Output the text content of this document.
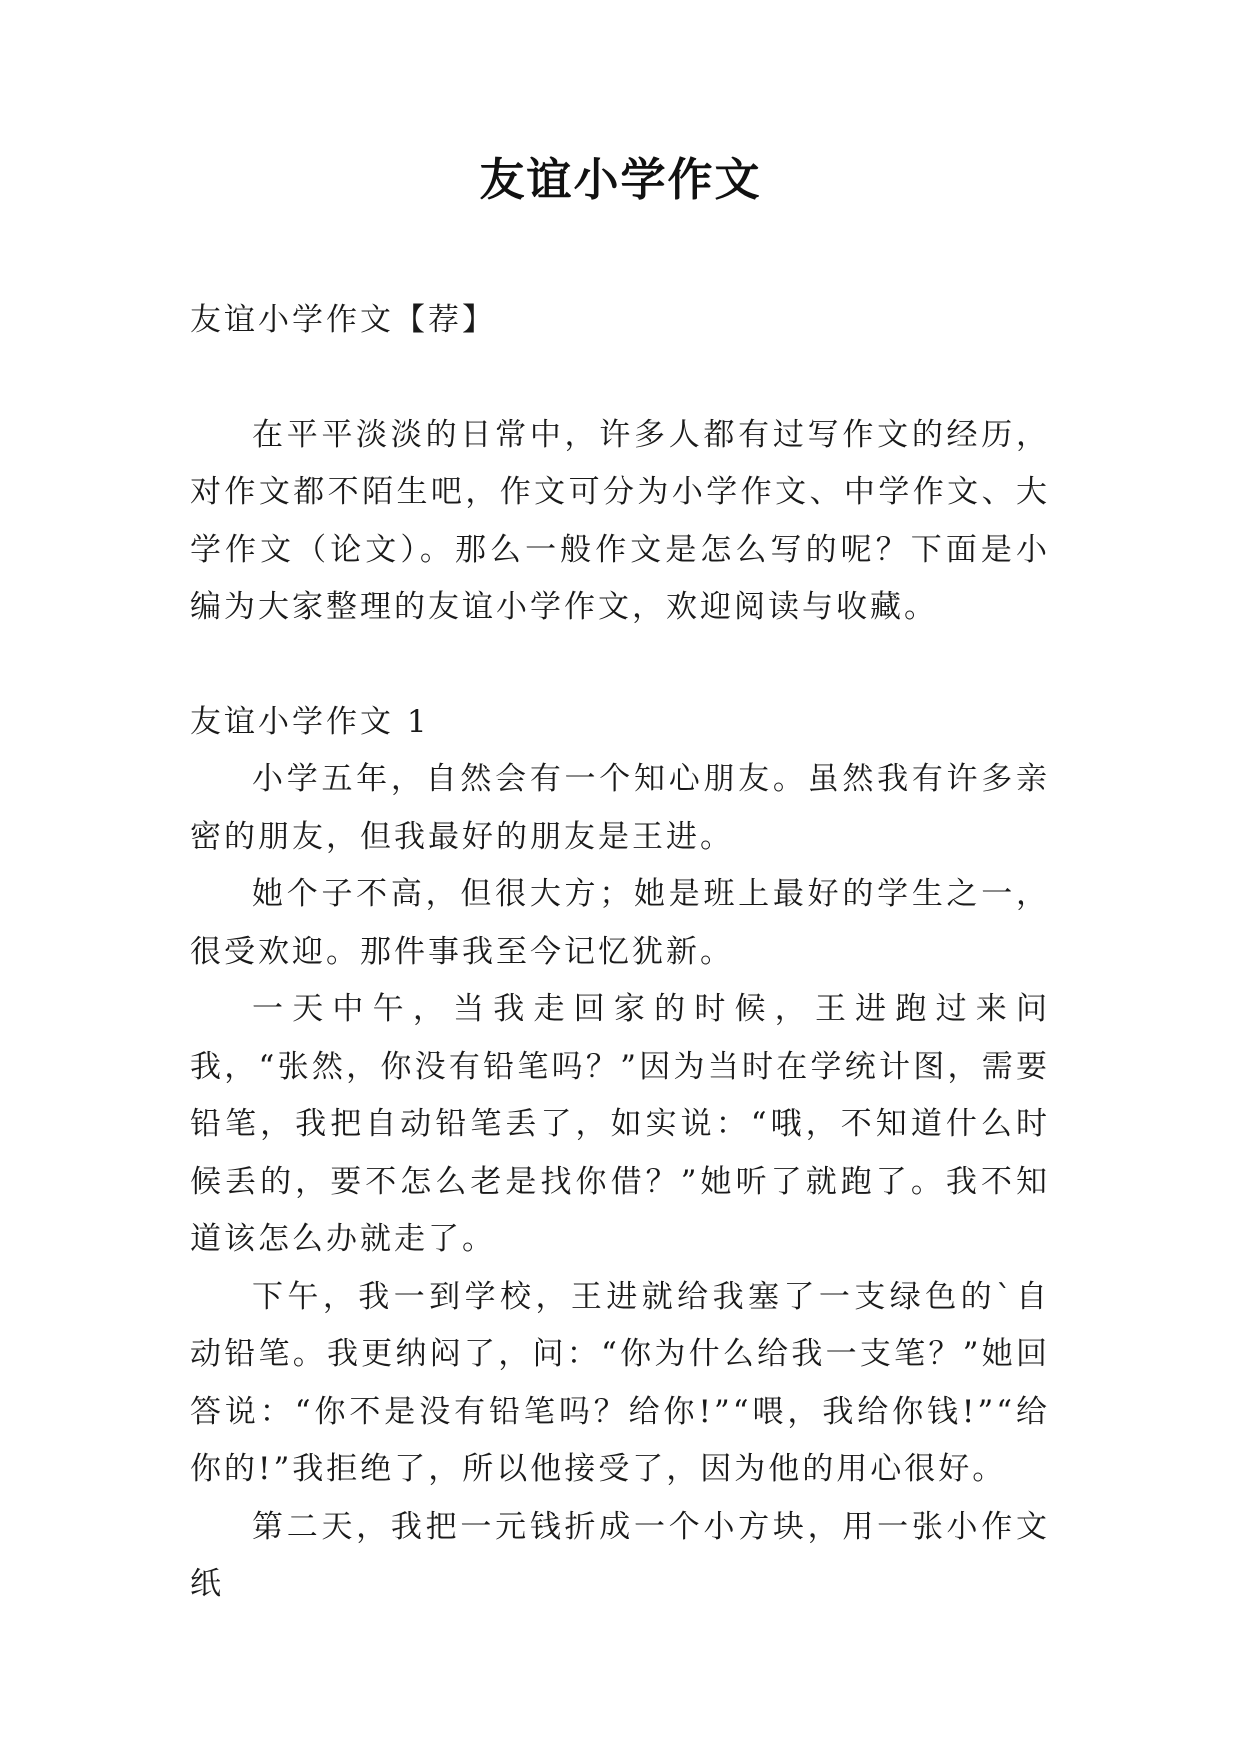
友谊小学作文

友谊小学作文【荐】

在平平淡淡的日常中，许多人都有过写作文的经历，对作文都不陌生吧，作文可分为小学作文、中学作文、大学作文（论文）。那么一般作文是怎么写的呢？下面是小编为大家整理的友谊小学作文，欢迎阅读与收藏。

友谊小学作文 1

小学五年，自然会有一个知心朋友。虽然我有许多亲密的朋友，但我最好的朋友是王进。

她个子不高，但很大方；她是班上最好的学生之一，很受欢迎。那件事我至今记忆犹新。

一天中午，当我走回家的时候，王进跑过来问我，“张然，你没有铅笔吗？”因为当时在学统计图，需要铅笔，我把自动铅笔丢了，如实说：“哦，不知道什么时候丢的，要不怎么老是找你借？”她听了就跑了。我不知道该怎么办就走了。

下午，我一到学校，王进就给我塞了一支绿色的`自动铅笔。我更纳闷了，问：“你为什么给我一支笔？”她回答说：“你不是没有铅笔吗？给你!”“喂，我给你钱!”“给你的!”我拒绝了，所以他接受了，因为他的用心很好。

第二天，我把一元钱折成一个小方块，用一张小作文纸
